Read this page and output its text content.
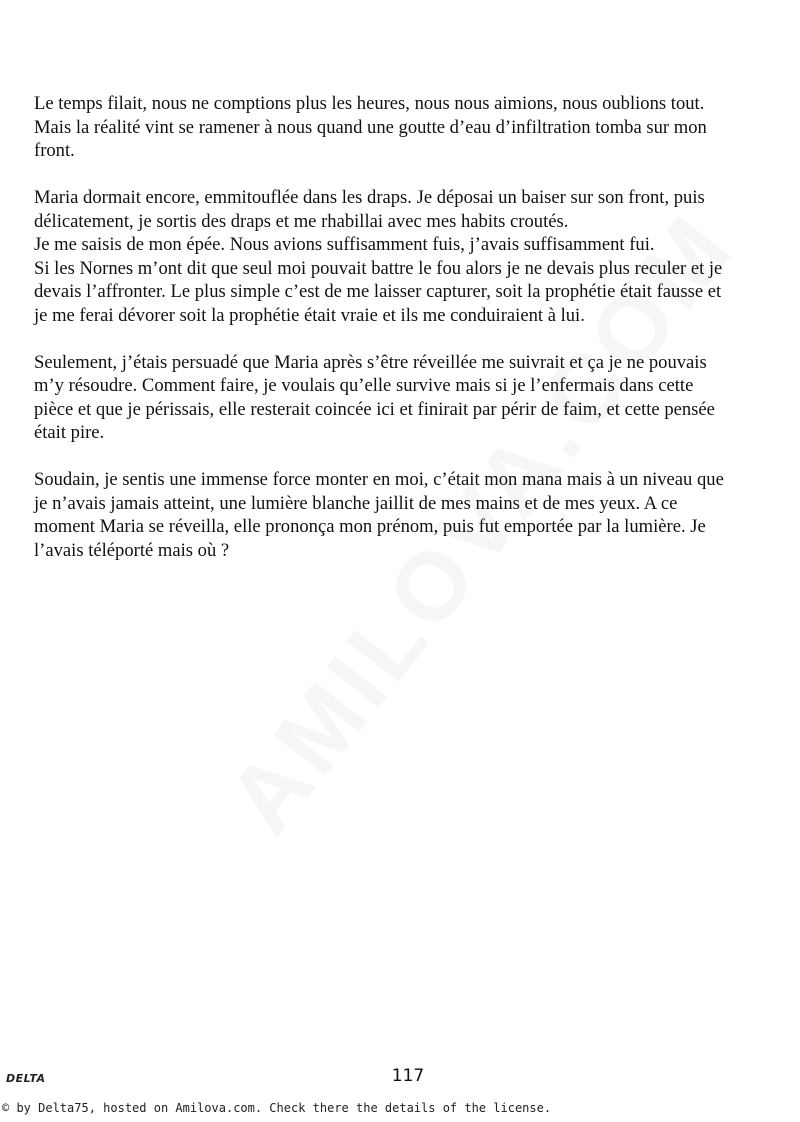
Le temps filait, nous ne comptions plus les heures, nous nous aimions, nous oublions tout.
Mais la réalité vint se ramener à nous quand une goutte d’eau d’infiltration tomba sur mon
front.

Maria dormait encore, emmitouflée dans les draps. Je déposai un baiser sur son front, puis
délicatement, je sortis des draps et me rhabillai avec mes habits croutés.
Je me saisis de mon épée. Nous avions suffisamment fuis, j’avais suffisamment fui.
Si les Nornes m’ont dit que seul moi pouvait battre le fou alors je ne devais plus reculer et je
devais l’affronter. Le plus simple c’est de me laisser capturer, soit la prophétie était fausse et
je me ferai dévorer soit la prophétie était vraie et ils me conduiraient à lui.

Seulement, j’étais persuadé que Maria après s’être réveillée me suivrait et ça je ne pouvais
m’y résoudre. Comment faire, je voulais qu’elle survive mais si je l’enfermais dans cette
pièce et que je périssais, elle resterait coincée ici et finirait par périr de faim, et cette pensée
était pire.

Soudain, je sentis une immense force monter en moi, c’était mon mana mais à un niveau que
je n’avais jamais atteint, une lumière blanche jaillit de mes mains et de mes yeux. A ce
moment Maria se réveilla, elle prononça mon prénom, puis fut emportée par la lumière. Je
l’avais téléporté mais où ?

DELTA	117
© by Delta75, hosted on Amilova.com. Check there the details of the license.
